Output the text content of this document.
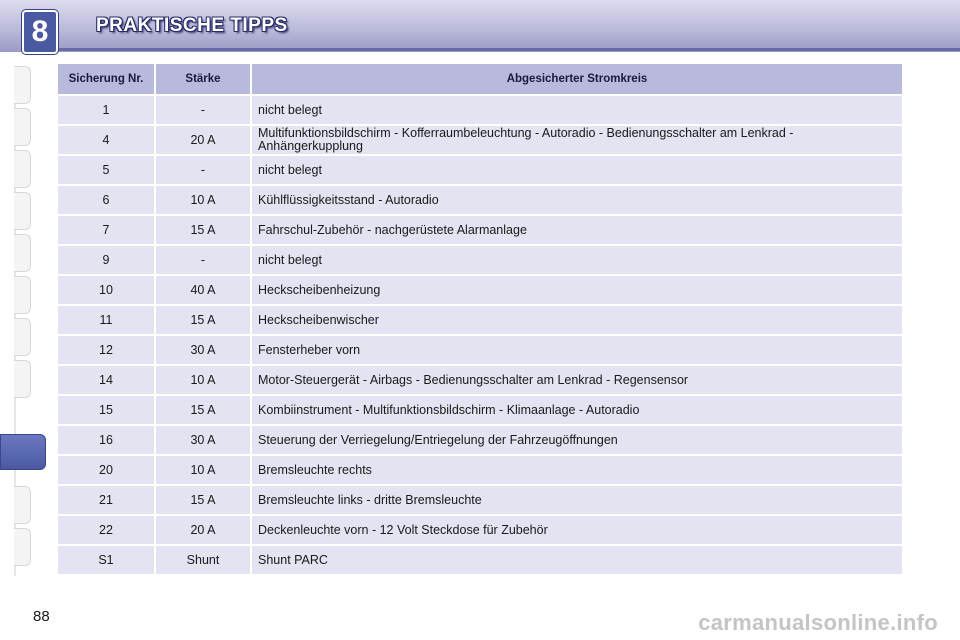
8	PRAKTISCHE TIPPS
Sicherung Nr.	Stärke	Abgesicherter Stromkreis
1	-	nicht belegt
4	20 A	Multifunktionsbildschirm - Kofferraumbeleuchtung - Autoradio - Bedienungsschalter am Lenkrad - Anhängerkupplung
5	-	nicht belegt
6	10 A	Kühlflüssigkeitsstand - Autoradio
7	15 A	Fahrschul-Zubehör - nachgerüstete Alarmanlage
9	-	nicht belegt
10	40 A	Heckscheibenheizung
11	15 A	Heckscheibenwischer
12	30 A	Fensterheber vorn
14	10 A	Motor-Steuergerät - Airbags - Bedienungsschalter am Lenkrad - Regensensor
15	15 A	Kombiinstrument - Multifunktionsbildschirm - Klimaanlage - Autoradio
16	30 A	Steuerung der Verriegelung/Entriegelung der Fahrzeugöffnungen
20	10 A	Bremsleuchte rechts
21	15 A	Bremsleuchte links - dritte Bremsleuchte
22	20 A	Deckenleuchte vorn - 12 Volt Steckdose für Zubehör
S1	Shunt	Shunt PARC
88	carmanualsonline.info
